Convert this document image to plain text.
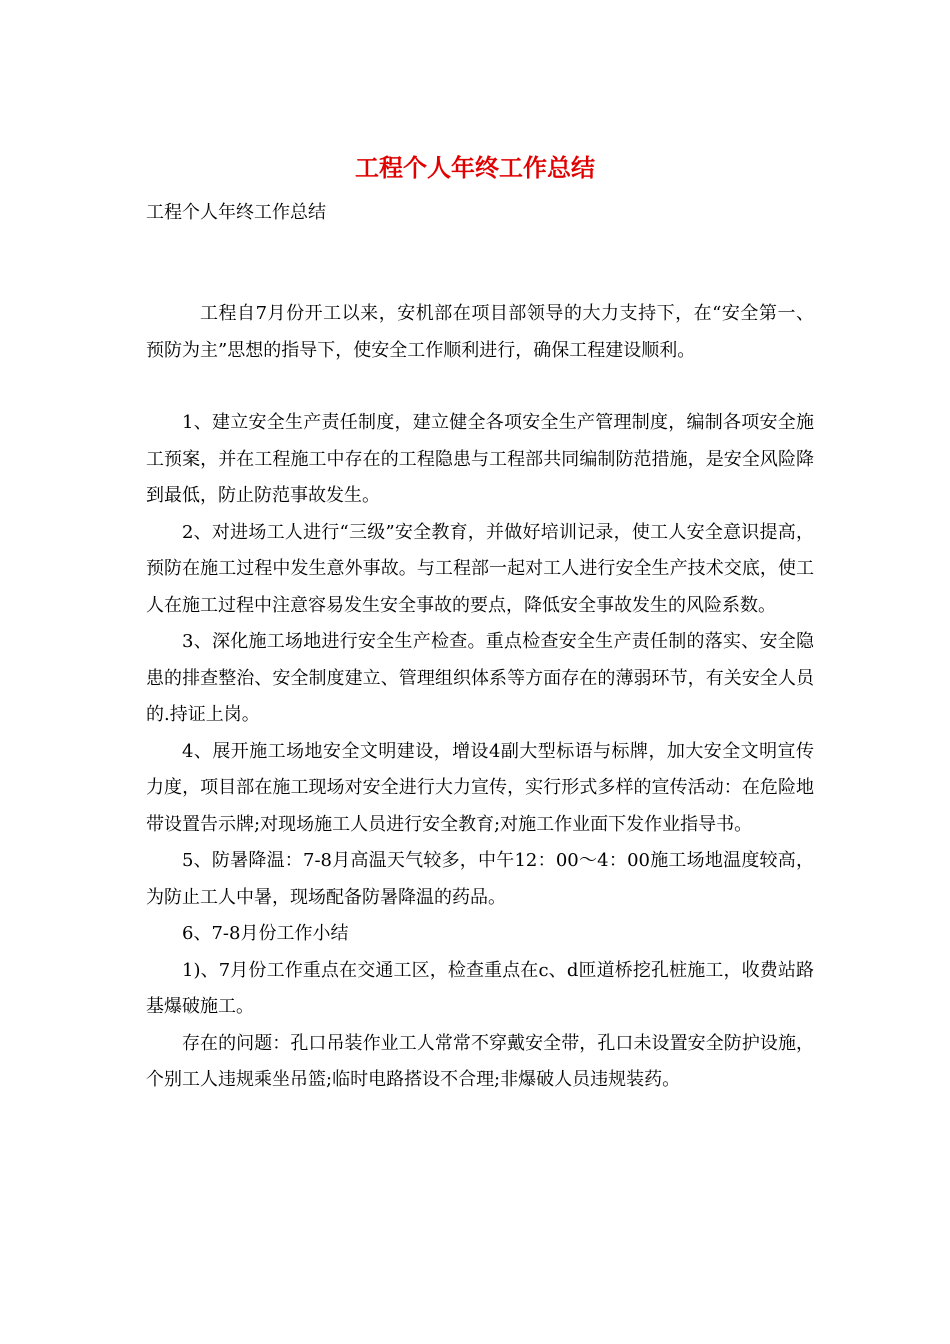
工程个人年终工作总结

工程个人年终工作总结

工程自7月份开工以来，安机部在项目部领导的大力支持下，在“安全第一、预防为主”思想的指导下，使安全工作顺利进行，确保工程建设顺利。

1、建立安全生产责任制度，建立健全各项安全生产管理制度，编制各项安全施工预案，并在工程施工中存在的工程隐患与工程部共同编制防范措施，是安全风险降到最低，防止防范事故发生。

2、对进场工人进行“三级”安全教育，并做好培训记录，使工人安全意识提高，预防在施工过程中发生意外事故。与工程部一起对工人进行安全生产技术交底，使工人在施工过程中注意容易发生安全事故的要点，降低安全事故发生的风险系数。

3、深化施工场地进行安全生产检查。重点检查安全生产责任制的落实、安全隐患的排查整治、安全制度建立、管理组织体系等方面存在的薄弱环节，有关安全人员的.持证上岗。

4、展开施工场地安全文明建设，增设4副大型标语与标牌，加大安全文明宣传力度，项目部在施工现场对安全进行大力宣传，实行形式多样的宣传活动：在危险地带设置告示牌;对现场施工人员进行安全教育;对施工作业面下发作业指导书。

5、防暑降温：7-8月高温天气较多，中午12：00～4：00施工场地温度较高，为防止工人中暑，现场配备防暑降温的药品。

6、7-8月份工作小结

1)、7月份工作重点在交通工区，检查重点在c、d匝道桥挖孔桩施工，收费站路基爆破施工。

存在的问题：孔口吊装作业工人常常不穿戴安全带，孔口未设置安全防护设施，个别工人违规乘坐吊篮;临时电路搭设不合理;非爆破人员违规装药。
